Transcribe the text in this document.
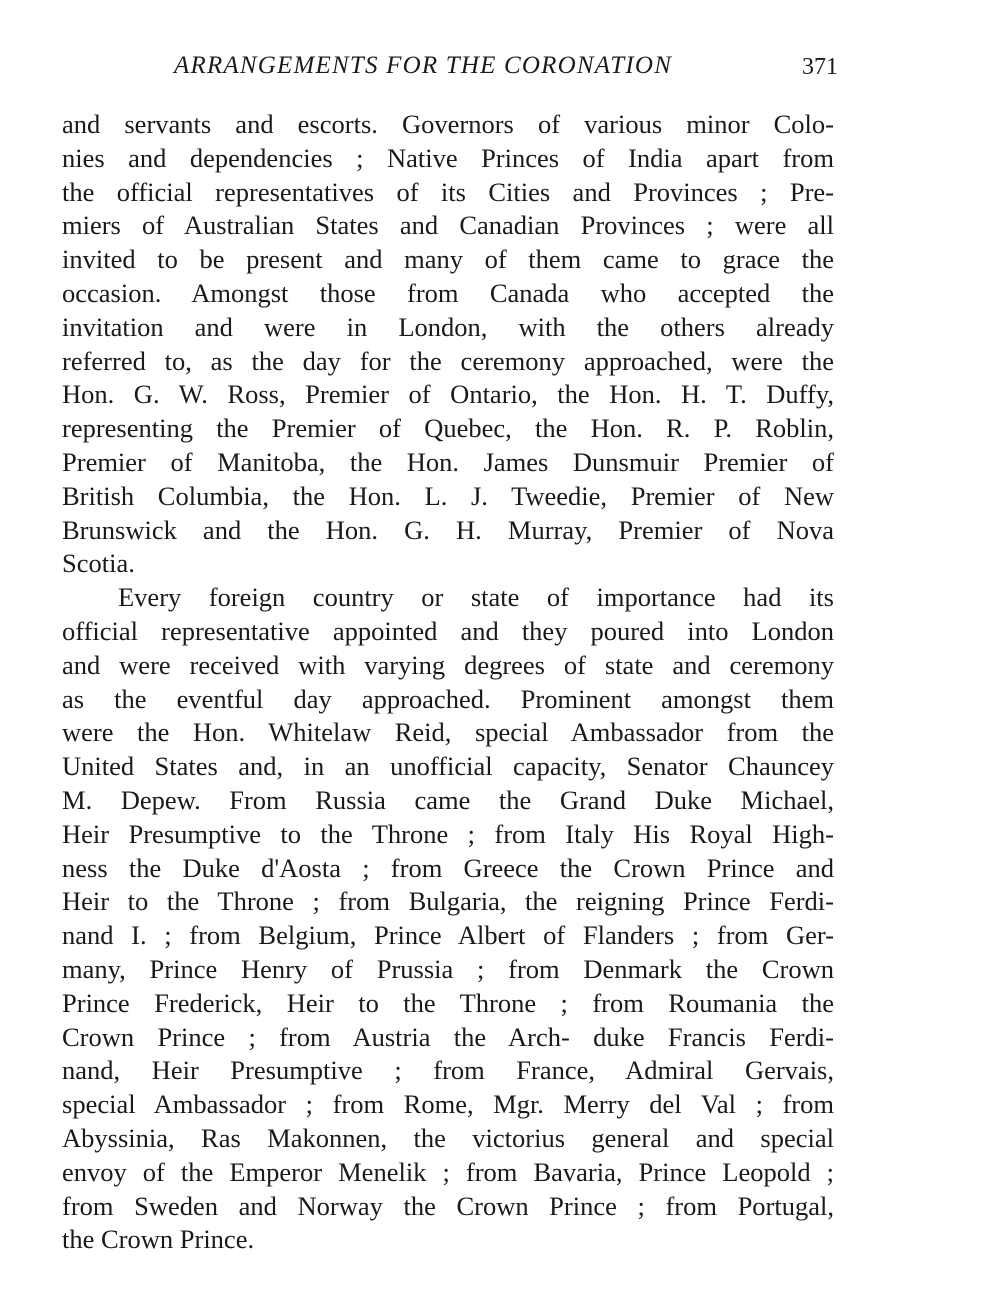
ARRANGEMENTS FOR THE CORONATION	371
and servants and escorts. Governors of various minor Colo-
nies and dependencies ; Native Princes of India apart from
the official representatives of its Cities and Provinces ; Pre-
miers of Australian States and Canadian Provinces ; were all
invited to be present and many of them came to grace the
occasion. Amongst those from Canada who accepted the
invitation and were in London, with the others already
referred to, as the day for the ceremony approached, were the
Hon. G. W. Ross, Premier of Ontario, the Hon. H. T. Duffy,
representing the Premier of Quebec, the Hon. R. P. Roblin,
Premier of Manitoba, the Hon. James Dunsmuir Premier of
British Columbia, the Hon. L. J. Tweedie, Premier of New
Brunswick and the Hon. G. H. Murray, Premier of Nova
Scotia.
Every foreign country or state of importance had its
official representative appointed and they poured into London
and were received with varying degrees of state and ceremony
as the eventful day approached. Prominent amongst them
were the Hon. Whitelaw Reid, special Ambassador from the
United States and, in an unofficial capacity, Senator Chauncey
M. Depew. From Russia came the Grand Duke Michael,
Heir Presumptive to the Throne ; from Italy His Royal High-
ness the Duke d'Aosta ; from Greece the Crown Prince and
Heir to the Throne ; from Bulgaria, the reigning Prince Ferdi-
nand I. ; from Belgium, Prince Albert of Flanders ; from Ger-
many, Prince Henry of Prussia ; from Denmark the Crown
Prince Frederick, Heir to the Throne ; from Roumania the
Crown Prince ; from Austria the Arch- duke Francis Ferdi-
nand, Heir Presumptive ; from France, Admiral Gervais,
special Ambassador ; from Rome, Mgr. Merry del Val ; from
Abyssinia, Ras Makonnen, the victorius general and special
envoy of the Emperor Menelik ; from Bavaria, Prince Leopold ;
from Sweden and Norway the Crown Prince ; from Portugal,
the Crown Prince.
